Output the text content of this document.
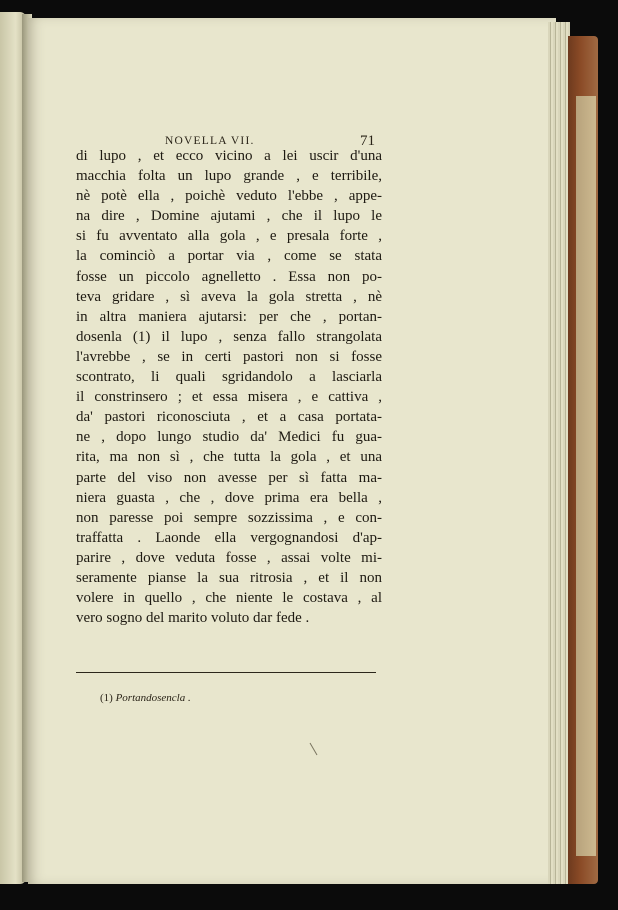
NOVELLA VII.	71
di lupo , et ecco vicino a lei uscir d'una
macchia folta un lupo grande , e terribile,
nè potè ella , poichè veduto l'ebbe , appe-
na dire , Domine ajutami , che il lupo le
si fu avventato alla gola , e presala forte ,
la cominciò a portar via , come se stata
fosse un piccolo agnelletto . Essa non po-
teva gridare , sì aveva la gola stretta , nè
in altra maniera ajutarsi: per che , portan-
dosenla (1) il lupo , senza fallo strangolata
l'avrebbe , se in certi pastori non si fosse
scontrato, li quali sgridandolo a lasciarla
il constrinsero ; et essa misera , e cattiva ,
da' pastori riconosciuta , et a casa portata-
ne , dopo lungo studio da' Medici fu gua-
rita, ma non sì , che tutta la gola , et una
parte del viso non avesse per sì fatta ma-
niera guasta , che , dove prima era bella ,
non paresse poi sempre sozzissima , e con-
traffatta . Laonde ella vergognandosi d'ap-
parire , dove veduta fosse , assai volte mi-
seramente pianse la sua ritrosia , et il non
volere in quello , che niente le costava , al
vero sogno del marito voluto dar fede .
(1) Portandosencla .
